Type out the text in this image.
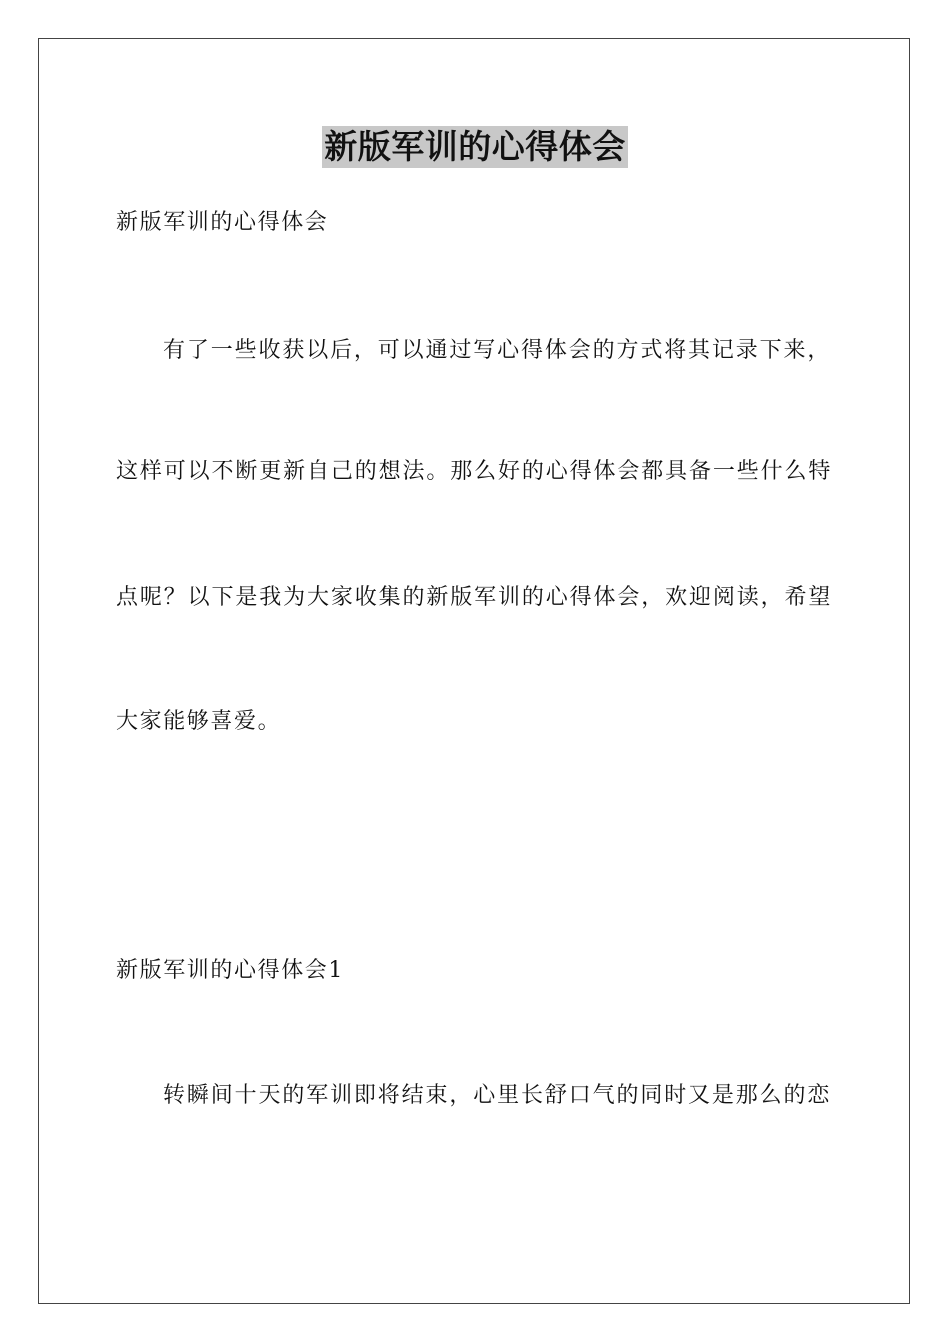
新版军训的心得体会
新版军训的心得体会
有了一些收获以后，可以通过写心得体会的方式将其记录下来，
这样可以不断更新自己的想法。那么好的心得体会都具备一些什么特
点呢？以下是我为大家收集的新版军训的心得体会，欢迎阅读，希望
大家能够喜爱。
新版军训的心得体会1
转瞬间十天的军训即将结束，心里长舒口气的同时又是那么的恋
